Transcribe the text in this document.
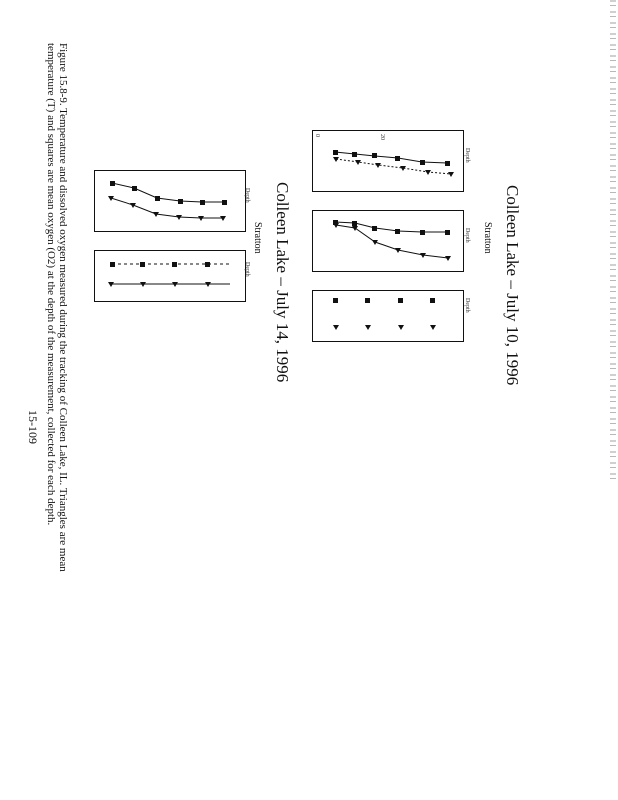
Colleen Lake – July 10, 1996
Stratton
Depth
0	20
Depth
Depth
Colleen Lake – July 14, 1996
Stratton
Depth
Depth
Figure 15.8-9. Temperature and dissolved oxygen measured during the tracking of Colleen Lake, IL. Triangles are mean
temperature (T) and squares are mean oxygen (O2) at the depth of the measurement, collected for each depth.
15-109
